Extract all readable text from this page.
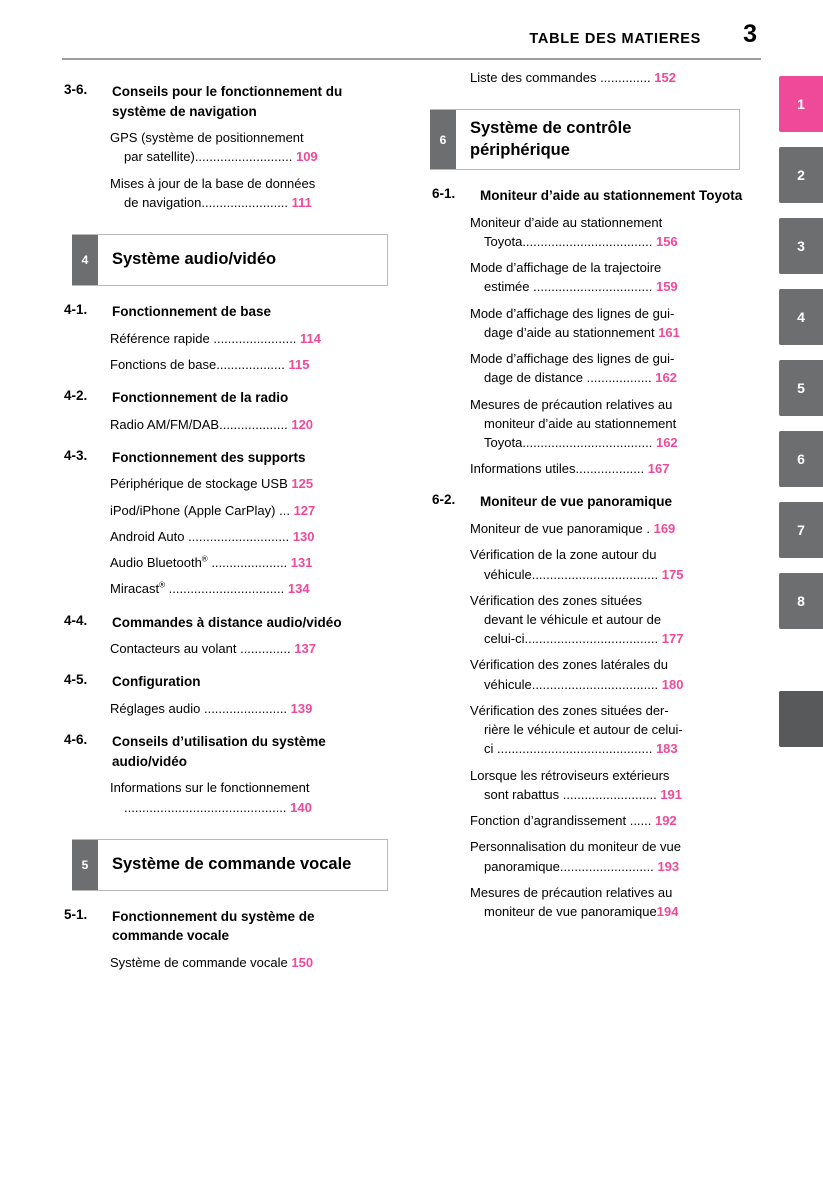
TABLE DES MATIERES 3
1
2
3
4
5
6
7
8
3-6.	Conseils pour le fonctionnement du système de navigation
GPS (système de positionnement
par satellite)........................... 109
Mises à jour de la base de données
de navigation........................ 111
4	Système audio/vidéo
4-1.	Fonctionnement de base
Référence rapide ....................... 114
Fonctions de base................... 115
4-2.	Fonctionnement de la radio
Radio AM/FM/DAB................... 120
4-3.	Fonctionnement des supports
Périphérique de stockage USB 125
iPod/iPhone (Apple CarPlay) ... 127
Android Auto ............................ 130
Audio Bluetooth® ..................... 131
Miracast® ................................ 134
4-4.	Commandes à distance audio/vidéo
Contacteurs au volant .............. 137
4-5.	Configuration
Réglages audio ....................... 139
4-6.	Conseils d’utilisation du système audio/vidéo
Informations sur le fonctionnement
............................................. 140
5	Système de commande vocale
5-1.	Fonctionnement du système de commande vocale
Système de commande vocale 150
Liste des commandes .............. 152
6
Système de contrôle périphérique
6-1.	Moniteur d’aide au stationnement Toyota
Moniteur d’aide au stationnement
Toyota.................................... 156
Mode d’affichage de la trajectoire
estimée ................................. 159
Mode d’affichage des lignes de gui-
dage d’aide au stationnement 161
Mode d’affichage des lignes de gui-
dage de distance .................. 162
Mesures de précaution relatives au
moniteur d’aide au stationnement
Toyota.................................... 162
Informations utiles................... 167
6-2.	Moniteur de vue panoramique
Moniteur de vue panoramique . 169
Vérification de la zone autour du
véhicule................................... 175
Vérification des zones situées
devant le véhicule et autour de
celui-ci..................................... 177
Vérification des zones latérales du
véhicule................................... 180
Vérification des zones situées der-
rière le véhicule et autour de celui-
ci ........................................... 183
Lorsque les rétroviseurs extérieurs
sont rabattus .......................... 191
Fonction d’agrandissement ...... 192
Personnalisation du moniteur de vue
panoramique.......................... 193
Mesures de précaution relatives au
moniteur de vue panoramique194
